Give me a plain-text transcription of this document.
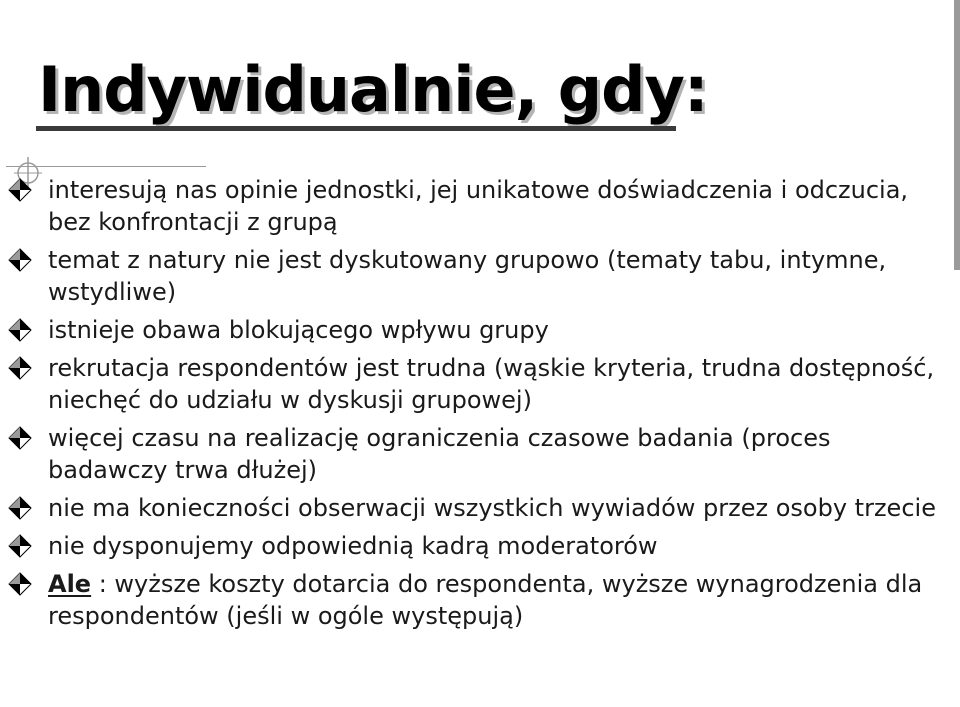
Indywidualnie, gdy:
interesują nas opinie jednostki, jej unikatowe doświadczenia i odczucia, bez konfrontacji z grupą
temat z natury nie jest dyskutowany grupowo (tematy tabu, intymne, wstydliwe)
istnieje obawa blokującego wpływu grupy
rekrutacja respondentów jest trudna (wąskie kryteria, trudna dostępność, niechęć do udziału w dyskusji grupowej)
więcej czasu na realizację ograniczenia czasowe badania (proces badawczy trwa dłużej)
nie ma konieczności obserwacji wszystkich wywiadów przez osoby trzecie
nie dysponujemy odpowiednią kadrą moderatorów
Ale : wyższe koszty dotarcia do respondenta, wyższe wynagrodzenia dla respondentów (jeśli w ogóle występują)
